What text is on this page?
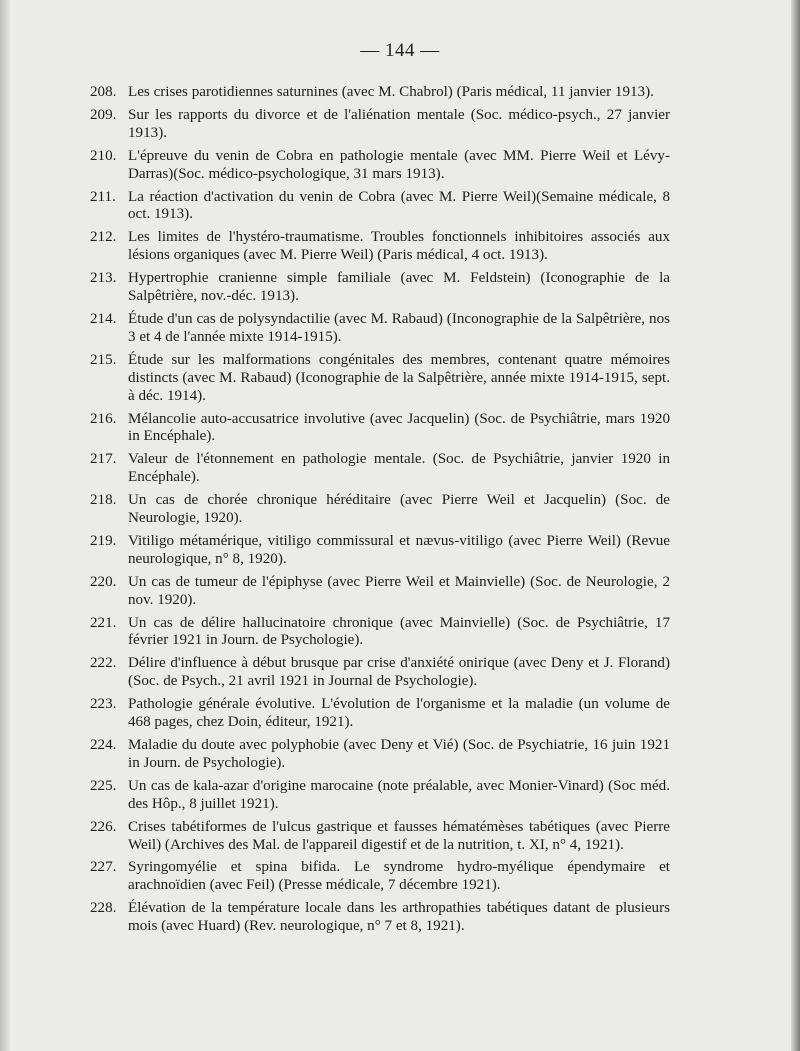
— 144 —
208. Les crises parotidiennes saturnines (avec M. Chabrol) (Paris médical, 11 janvier 1913).
209. Sur les rapports du divorce et de l'aliénation mentale (Soc. médico-psych., 27 janvier 1913).
210. L'épreuve du venin de Cobra en pathologie mentale (avec MM. Pierre Weil et Lévy-Darras)(Soc. médico-psychologique, 31 mars 1913).
211. La réaction d'activation du venin de Cobra (avec M. Pierre Weil)(Semaine médicale, 8 oct. 1913).
212. Les limites de l'hystéro-traumatisme. Troubles fonctionnels inhibitoires associés aux lésions organiques (avec M. Pierre Weil) (Paris médical, 4 oct. 1913).
213. Hypertrophie cranienne simple familiale (avec M. Feldstein) (Iconographie de la Salpêtrière, nov.-déc. 1913).
214. Étude d'un cas de polysyndactilie (avec M. Rabaud) (Inconographie de la Salpêtrière, nos 3 et 4 de l'année mixte 1914-1915).
215. Étude sur les malformations congénitales des membres, contenant quatre mémoires distincts (avec M. Rabaud) (Iconographie de la Salpêtrière, année mixte 1914-1915, sept. à déc. 1914).
216. Mélancolie auto-accusatrice involutive (avec Jacquelin) (Soc. de Psychiâtrie, mars 1920 in Encéphale).
217. Valeur de l'étonnement en pathologie mentale. (Soc. de Psychiâtrie, janvier 1920 in Encéphale).
218. Un cas de chorée chronique héréditaire (avec Pierre Weil et Jacquelin) (Soc. de Neurologie, 1920).
219. Vitiligo métamérique, vitiligo commissural et nævus-vitiligo (avec Pierre Weil) (Revue neurologique, n° 8, 1920).
220. Un cas de tumeur de l'épiphyse (avec Pierre Weil et Mainvielle) (Soc. de Neurologie, 2 nov. 1920).
221. Un cas de délire hallucinatoire chronique (avec Mainvielle) (Soc. de Psychiâtrie, 17 février 1921 in Journ. de Psychologie).
222. Délire d'influence à début brusque par crise d'anxiété onirique (avec Deny et J. Florand) (Soc. de Psych., 21 avril 1921 in Journal de Psychologie).
223. Pathologie générale évolutive. L'évolution de l'organisme et la maladie (un volume de 468 pages, chez Doin, éditeur, 1921).
224. Maladie du doute avec polyphobie (avec Deny et Vié) (Soc. de Psychiatrie, 16 juin 1921 in Journ. de Psychologie).
225. Un cas de kala-azar d'origine marocaine (note préalable, avec Monier-Vinard) (Soc méd. des Hôp., 8 juillet 1921).
226. Crises tabétiformes de l'ulcus gastrique et fausses hématémèses tabétiques (avec Pierre Weil) (Archives des Mal. de l'appareil digestif et de la nutrition, t. XI, n° 4, 1921).
227. Syringomyélie et spina bifida. Le syndrome hydro-myélique épendymaire et arachnoïdien (avec Feil) (Presse médicale, 7 décembre 1921).
228. Élévation de la température locale dans les arthropathies tabétiques datant de plusieurs mois (avec Huard) (Rev. neurologique, n° 7 et 8, 1921).
